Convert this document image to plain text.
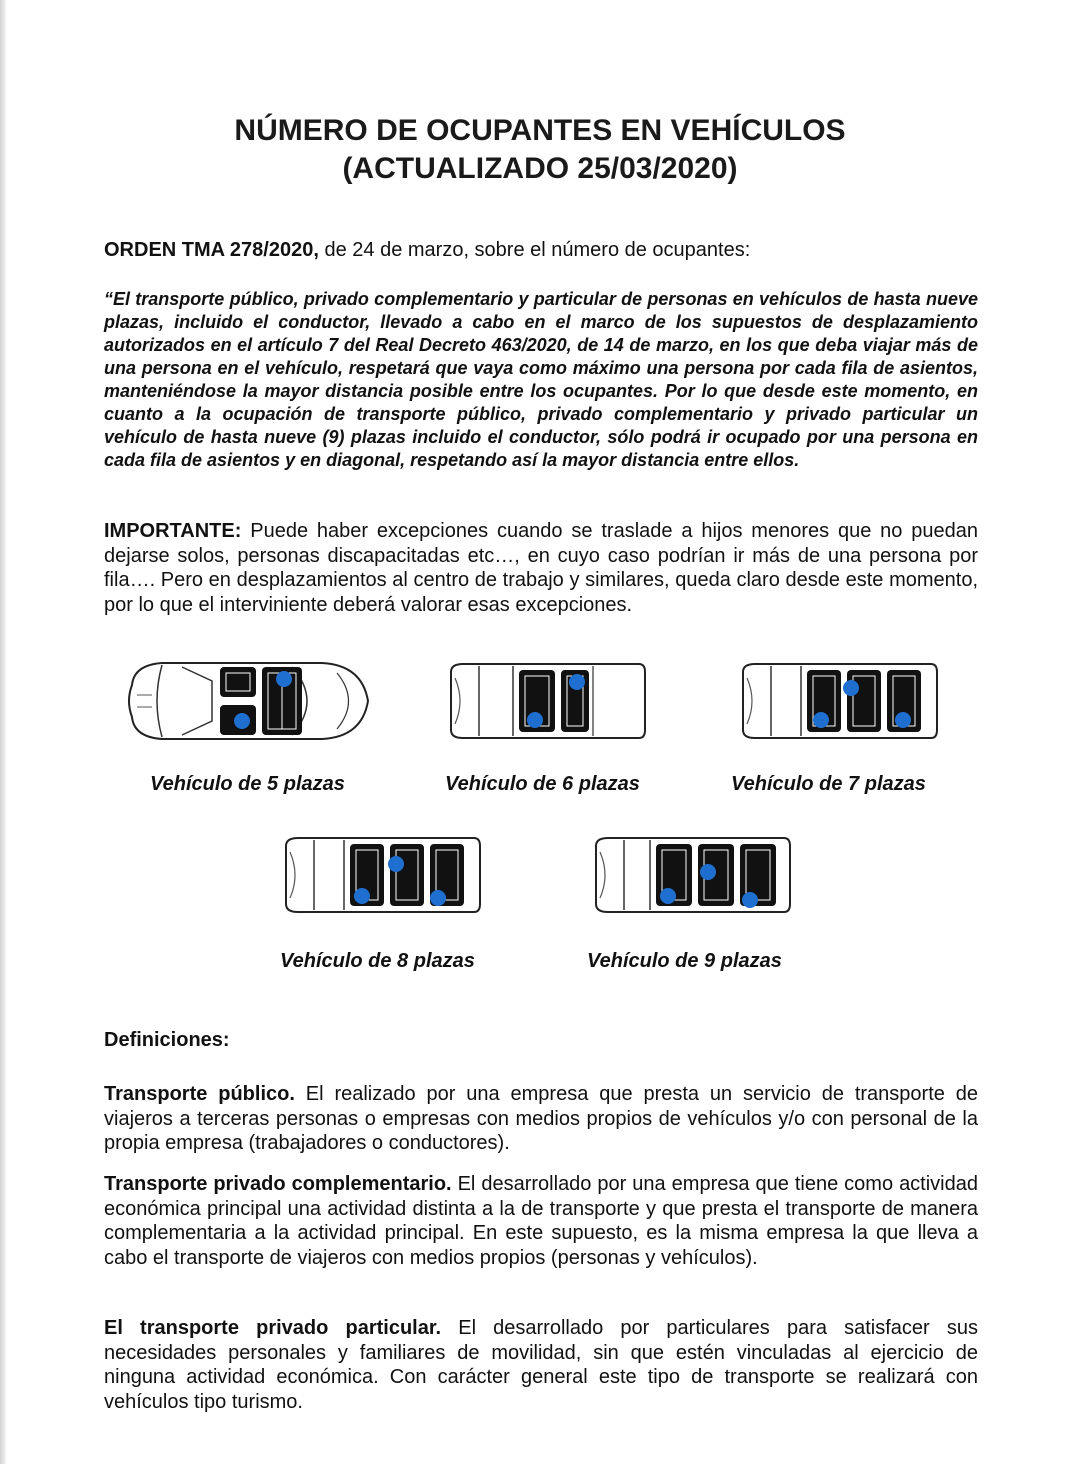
NÚMERO DE OCUPANTES EN VEHÍCULOS
(ACTUALIZADO 25/03/2020)
ORDEN TMA 278/2020, de 24 de marzo, sobre el número de ocupantes:
“El transporte público, privado complementario y particular de personas en vehículos de hasta nueve plazas, incluido el conductor, llevado a cabo en el marco de los supuestos de desplazamiento autorizados en el artículo 7 del Real Decreto 463/2020, de 14 de marzo, en los que deba viajar más de una persona en el vehículo, respetará que vaya como máximo una persona por cada fila de asientos, manteniéndose la mayor distancia posible entre los ocupantes. Por lo que desde este momento, en cuanto a la ocupación de transporte público, privado complementario y privado particular un vehículo de hasta nueve (9) plazas incluido el conductor, sólo podrá ir ocupado por una persona en cada fila de asientos y en diagonal, respetando así la mayor distancia entre ellos.
IMPORTANTE: Puede haber excepciones cuando se traslade a hijos menores que no puedan dejarse solos, personas discapacitadas etc…, en cuyo caso podrían ir más de una persona por fila…. Pero en desplazamientos al centro de trabajo y similares, queda claro desde este momento, por lo que el interviniente deberá valorar esas excepciones.
Vehículo de 5 plazas	Vehículo de 6 plazas	Vehículo de 7 plazas
Vehículo de 8 plazas	Vehículo de 9 plazas
Definiciones:
Transporte público. El realizado por una empresa que presta un servicio de transporte de viajeros a terceras personas o empresas con medios propios de vehículos y/o con personal de la propia empresa (trabajadores o conductores).
Transporte privado complementario. El desarrollado por una empresa que tiene como actividad económica principal una actividad distinta a la de transporte y que presta el transporte de manera complementaria a la actividad principal. En este supuesto, es la misma empresa la que lleva a cabo el transporte de viajeros con medios propios (personas y vehículos).
El transporte privado particular. El desarrollado por particulares para satisfacer sus necesidades personales y familiares de movilidad, sin que estén vinculadas al ejercicio de ninguna actividad económica. Con carácter general este tipo de transporte se realizará con vehículos tipo turismo.
